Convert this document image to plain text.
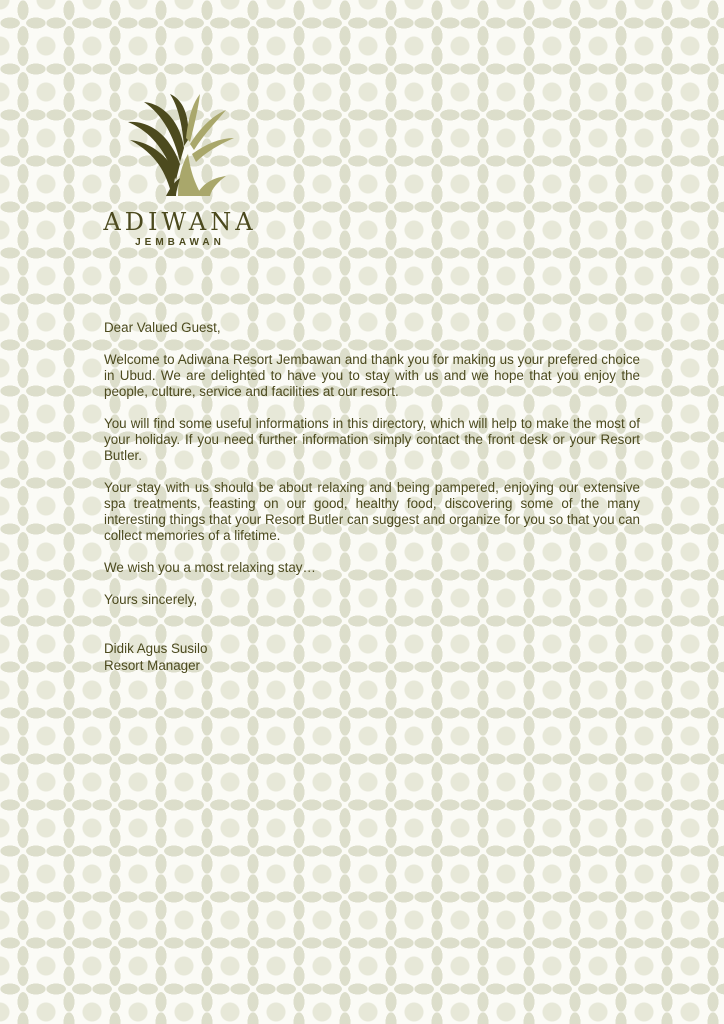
ADIWANA
JEMBAWAN

Dear Valued Guest,

Welcome to Adiwana Resort Jembawan and thank you for making us your prefered choice in Ubud. We are delighted to have you to stay with us and we hope that you enjoy the people, culture, service and facilities at our resort.

You will find some useful informations in this directory, which will help to make the most of your holiday. If you need further information simply contact the front desk or your Resort Butler.

Your stay with us should be about relaxing and being pampered, enjoying our extensive spa treatments, feasting on our good, healthy food, discovering some of the many interesting things that your Resort Butler can suggest and organize for you so that you can collect memories of a lifetime.

We wish you a most relaxing stay…

Yours sincerely,

Didik Agus Susilo
Resort Manager
